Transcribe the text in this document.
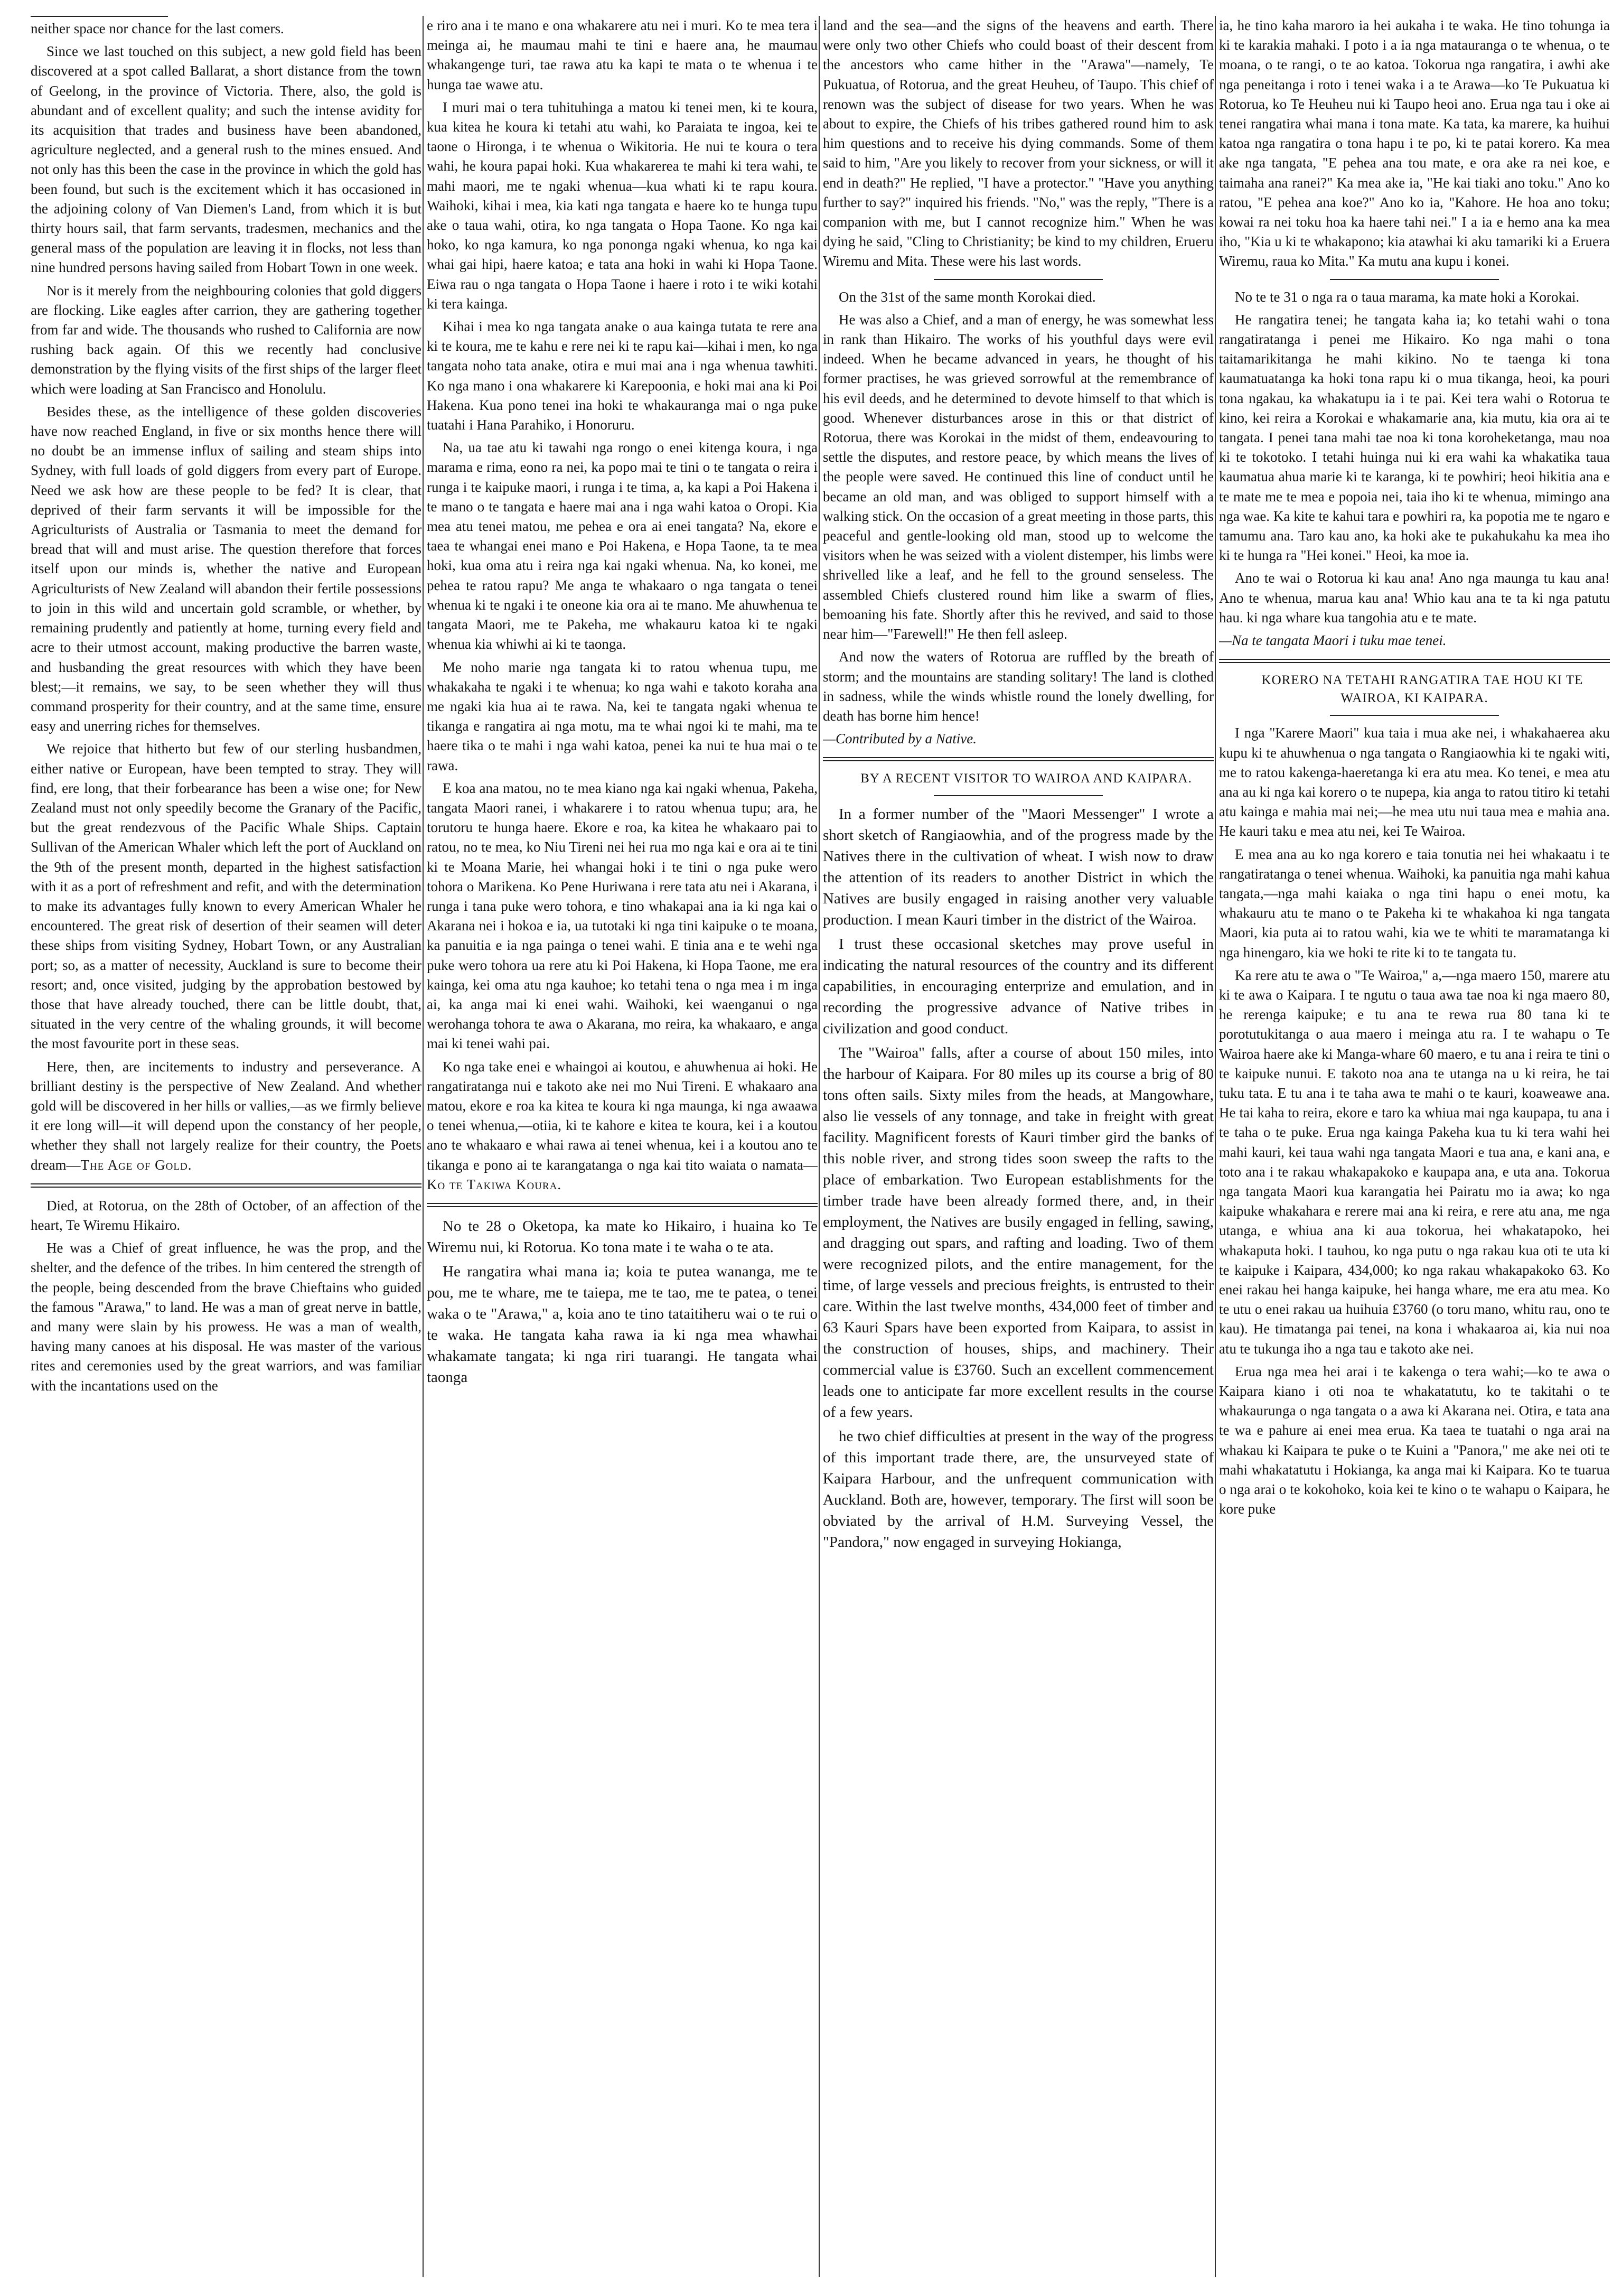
neither space nor chance for the last comers.

Since we last touched on this subject, a new gold field has been discovered at a spot called Ballarat, a short distance from the town of Geelong, in the province of Victoria. There, also, the gold is abundant and of excellent quality; and such the intense avidity for its acquisition that trades and business have been abandoned, agriculture neglected, and a general rush to the mines ensued. And not only has this been the case in the province in which the gold has been found, but such is the excitement which it has occasioned in the adjoining colony of Van Diemen's Land, from which it is but thirty hours sail, that farm servants, tradesmen, mechanics and the general mass of the population are leaving it in flocks, not less than nine hundred persons having sailed from Hobart Town in one week.

Nor is it merely from the neighbouring colonies that gold diggers are flocking. Like eagles after carrion, they are gathering together from far and wide. The thousands who rushed to California are now rushing back again. Of this we recently had conclusive demonstration by the flying visits of the first ships of the larger fleet which were loading at San Francisco and Honolulu.

Besides these, as the intelligence of these golden discoveries have now reached England, in five or six months hence there will no doubt be an immense influx of sailing and steam ships into Sydney, with full loads of gold diggers from every part of Europe. Need we ask how are these people to be fed? It is clear, that deprived of their farm servants it will be impossible for the Agriculturists of Australia or Tasmania to meet the demand for bread that will and must arise. The question therefore that forces itself upon our minds is, whether the native and European Agriculturists of New Zealand will abandon their fertile possessions to join in this wild and uncertain gold scramble, or whether, by remaining prudently and patiently at home, turning every field and acre to their utmost account, making productive the barren waste, and husbanding the great resources with which they have been blest;—it remains, we say, to be seen whether they will thus command prosperity for their country, and at the same time, ensure easy and unerring riches for themselves.

We rejoice that hitherto but few of our sterling husbandmen, either native or European, have been tempted to stray. They will find, ere long, that their forbearance has been a wise one; for New Zealand must not only speedily become the Granary of the Pacific, but the great rendezvous of the Pacific Whale Ships. Captain Sullivan of the American Whaler which left the port of Auckland on the 9th of the present month, departed in the highest satisfaction with it as a port of refreshment and refit, and with the determination to make its advantages fully known to every American Whaler he encountered. The great risk of desertion of their seamen will deter these ships from visiting Sydney, Hobart Town, or any Australian port; so, as a matter of necessity, Auckland is sure to become their resort; and, once visited, judging by the approbation bestowed by those that have already touched, there can be little doubt, that, situated in the very centre of the whaling grounds, it will become the most favourite port in these seas.

Here, then, are incitements to industry and perseverance. A brilliant destiny is the perspective of New Zealand. And whether gold will be discovered in her hills or vallies,—as we firmly believe it ere long will—it will depend upon the constancy of her people, whether they shall not largely realize for their country, the Poets dream—The Age of Gold.

Died, at Rotorua, on the 28th of October, of an affection of the heart, Te Wiremu Hikairo.

He was a Chief of great influence, he was the prop, and the shelter, and the defence of the tribes. In him centered the strength of the people, being descended from the brave Chieftains who guided the famous "Arawa," to land. He was a man of great nerve in battle, and many were slain by his prowess. He was a man of wealth, having many canoes at his disposal. He was master of the various rites and ceremonies used by the great warriors, and was familiar with the incantations used on the

e riro ana i te mano e ona whakarere atu nei i muri. Ko te mea tera i meinga ai, he maumau mahi te tini e haere ana, he maumau whakangenge turi, tae rawa atu ka kapi te mata o te whenua i te hunga tae wawe atu.

I muri mai o tera tuhituhinga a matou ki tenei men, ki te koura, kua kitea he koura ki tetahi atu wahi, ko Paraiata te ingoa, kei te taone o Hironga, i te whenua o Wikitoria. He nui te koura o tera wahi, he koura papai hoki. Kua whakarerea te mahi ki tera wahi, te mahi maori, me te ngaki whenua—kua whati ki te rapu koura. Waihoki, kihai i mea, kia kati nga tangata e haere ko te hunga tupu ake o taua wahi, otira, ko nga tangata o Hopa Taone. Ko nga kai hoko, ko nga kamura, ko nga pononga ngaki whenua, ko nga kai whai gai hipi, haere katoa; e tata ana hoki in wahi ki Hopa Taone. Eiwa rau o nga tangata o Hopa Taone i haere i roto i te wiki kotahi ki tera kainga.

Kihai i mea ko nga tangata anake o aua kainga tutata te rere ana ki te koura, me te kahu e rere nei ki te rapu kai—kihai i men, ko nga tangata noho tata anake, otira e mui mai ana i nga whenua tawhiti. Ko nga mano i ona whakarere ki Karepoonia, e hoki mai ana ki Poi Hakena. Kua pono tenei ina hoki te whakauranga mai o nga puke tuatahi i Hana Parahiko, i Honoruru.

Na, ua tae atu ki tawahi nga rongo o enei kitenga koura, i nga marama e rima, eono ra nei, ka popo mai te tini o te tangata o reira i runga i te kaipuke maori, i runga i te tima, a, ka kapi a Poi Hakena i te mano o te tangata e haere mai ana i nga wahi katoa o Oropi. Kia mea atu tenei matou, me pehea e ora ai enei tangata? Na, ekore e taea te whangai enei mano e Poi Hakena, e Hopa Taone, ta te mea hoki, kua oma atu i reira nga kai ngaki whenua. Na, ko konei, me pehea te ratou rapu? Me anga te whakaaro o nga tangata o tenei whenua ki te ngaki i te oneone kia ora ai te mano. Me ahuwhenua te tangata Maori, me te Pakeha, me whakauru katoa ki te ngaki whenua kia whiwhi ai ki te taonga.

Me noho marie nga tangata ki to ratou whenua tupu, me whakakaha te ngaki i te whenua; ko nga wahi e takoto koraha ana me ngaki kia hua ai te rawa. Na, kei te tangata ngaki whenua te tikanga e rangatira ai nga motu, ma te whai ngoi ki te mahi, ma te haere tika o te mahi i nga wahi katoa, penei ka nui te hua mai o te rawa.

E koa ana matou, no te mea kiano nga kai ngaki whenua, Pakeha, tangata Maori ranei, i whakarere i to ratou whenua tupu; ara, he torutoru te hunga haere. Ekore e roa, ka kitea he whakaaro pai to ratou, no te mea, ko Niu Tireni nei hei rua mo nga kai e ora ai te tini ki te Moana Marie, hei whangai hoki i te tini o nga puke wero tohora o Marikena. Ko Pene Huriwana i rere tata atu nei i Akarana, i runga i tana puke wero tohora, e tino whakapai ana ia ki nga kai o Akarana nei i hokoa e ia, ua tutotaki ki nga tini kaipuke o te moana, ka panuitia e ia nga painga o tenei wahi. E tinia ana e te wehi nga puke wero tohora ua rere atu ki Poi Hakena, ki Hopa Taone, me era kainga, kei oma atu nga kauhoe; ko tetahi tena o nga mea i m inga ai, ka anga mai ki enei wahi. Waihoki, kei waenganui o nga werohanga tohora te awa o Akarana, mo reira, ka whakaaro, e anga mai ki tenei wahi pai.

Ko nga take enei e whaingoi ai koutou, e ahuwhenua ai hoki. He rangatiratanga nui e takoto ake nei mo Nui Tireni. E whakaaro ana matou, ekore e roa ka kitea te koura ki nga maunga, ki nga awaawa o tenei whenua,—otiia, ki te kahore e kitea te koura, kei i a koutou ano te whakaaro e whai rawa ai tenei whenua, kei i a koutou ano te tikanga e pono ai te karangatanga o nga kai tito waiata o namata—Ko te Takiwa Koura.

No te 28 o Oketopa, ka mate ko Hikairo, i huaina ko Te Wiremu nui, ki Rotorua. Ko tona mate i te waha o te ata.

He rangatira whai mana ia; koia te putea wananga, me te pou, me te whare, me te taiepa, me te tao, me te patea, o tenei waka o te "Arawa," a, koia ano te tino tataitiheru wai o te rui o te waka. He tangata kaha rawa ia ki nga mea whawhai whakamate tangata; ki nga riri tuarangi. He tangata whai taonga

land and the sea—and the signs of the heavens and earth. There were only two other Chiefs who could boast of their descent from the ancestors who came hither in the "Arawa"—namely, Te Pukuatua, of Rotorua, and the great Heuheu, of Taupo. This chief of renown was the subject of disease for two years. When he was about to expire, the Chiefs of his tribes gathered round him to ask him questions and to receive his dying commands. Some of them said to him, "Are you likely to recover from your sickness, or will it end in death?" He replied, "I have a protector." "Have you anything further to say?" inquired his friends. "No," was the reply, "There is a companion with me, but I cannot recognize him." When he was dying he said, "Cling to Christianity; be kind to my children, Erueru Wiremu and Mita. These were his last words.

On the 31st of the same month Korokai died.

He was also a Chief, and a man of energy, he was somewhat less in rank than Hikairo. The works of his youthful days were evil indeed. When he became advanced in years, he thought of his former practises, he was grieved sorrowful at the remembrance of his evil deeds, and he determined to devote himself to that which is good. Whenever disturbances arose in this or that district of Rotorua, there was Korokai in the midst of them, endeavouring to settle the disputes, and restore peace, by which means the lives of the people were saved. He continued this line of conduct until he became an old man, and was obliged to support himself with a walking stick. On the occasion of a great meeting in those parts, this peaceful and gentle-looking old man, stood up to welcome the visitors when he was seized with a violent distemper, his limbs were shrivelled like a leaf, and he fell to the ground senseless. The assembled Chiefs clustered round him like a swarm of flies, bemoaning his fate. Shortly after this he revived, and said to those near him—"Farewell!" He then fell asleep.

And now the waters of Rotorua are ruffled by the breath of storm; and the mountains are standing solitary! The land is clothed in sadness, while the winds whistle round the lonely dwelling, for death has borne him hence!

—Contributed by a Native.

BY A RECENT VISITOR TO WAIROA AND KAIPARA.

In a former number of the "Maori Messenger" I wrote a short sketch of Rangiaowhia, and of the progress made by the Natives there in the cultivation of wheat. I wish now to draw the attention of its readers to another District in which the Natives are busily engaged in raising another very valuable production. I mean Kauri timber in the district of the Wairoa.

I trust these occasional sketches may prove useful in indicating the natural resources of the country and its different capabilities, in encouraging enterprize and emulation, and in recording the progressive advance of Native tribes in civilization and good conduct.

The "Wairoa" falls, after a course of about 150 miles, into the harbour of Kaipara. For 80 miles up its course a brig of 80 tons often sails. Sixty miles from the heads, at Mangowhare, also lie vessels of any tonnage, and take in freight with great facility. Magnificent forests of Kauri timber gird the banks of this noble river, and strong tides soon sweep the rafts to the place of embarkation. Two European establishments for the timber trade have been already formed there, and, in their employment, the Natives are busily engaged in felling, sawing, and dragging out spars, and rafting and loading. Two of them were recognized pilots, and the entire management, for the time, of large vessels and precious freights, is entrusted to their care. Within the last twelve months, 434,000 feet of timber and 63 Kauri Spars have been exported from Kaipara, to assist in the construction of houses, ships, and machinery. Their commercial value is £3760. Such an excellent commencement leads one to anticipate far more excellent results in the course of a few years.

he two chief difficulties at present in the way of the progress of this important trade there, are, the unsurveyed state of Kaipara Harbour, and the unfrequent communication with Auckland. Both are, however, temporary. The first will soon be obviated by the arrival of H.M. Surveying Vessel, the "Pandora," now engaged in surveying Hokianga,

ia, he tino kaha maroro ia hei aukaha i te waka. He tino tohunga ia ki te karakia mahaki. I poto i a ia nga matauranga o te whenua, o te moana, o te rangi, o te ao katoa. Tokorua nga rangatira, i awhi ake nga peneitanga i roto i tenei waka i a te Arawa—ko Te Pukuatua ki Rotorua, ko Te Heuheu nui ki Taupo heoi ano. Erua nga tau i oke ai tenei rangatira whai mana i tona mate. Ka tata, ka marere, ka huihui katoa nga rangatira o tona hapu i te po, ki te patai korero. Ka mea ake nga tangata, "E pehea ana tou mate, e ora ake ra nei koe, e taimaha ana ranei?" Ka mea ake ia, "He kai tiaki ano toku." Ano ko ratou, "E pehea ana koe?" Ano ko ia, "Kahore. He hoa ano toku; kowai ra nei toku hoa ka haere tahi nei." I a ia e hemo ana ka mea iho, "Kia u ki te whakapono; kia atawhai ki aku tamariki ki a Eruera Wiremu, raua ko Mita." Ka mutu ana kupu i konei.

No te te 31 o nga ra o taua marama, ka mate hoki a Korokai.

He rangatira tenei; he tangata kaha ia; ko tetahi wahi o tona rangatiratanga i penei me Hikairo. Ko nga mahi o tona taitamarikitanga he mahi kikino. No te taenga ki tona kaumatuatanga ka hoki tona rapu ki o mua tikanga, heoi, ka pouri tona ngakau, ka whakatupu ia i te pai. Kei tera wahi o Rotorua te kino, kei reira a Korokai e whakamarie ana, kia mutu, kia ora ai te tangata. I penei tana mahi tae noa ki tona koroheketanga, mau noa ki te tokotoko. I tetahi huinga nui ki era wahi ka whakatika taua kaumatua ahua marie ki te karanga, ki te powhiri; heoi hikitia ana e te mate me te mea e popoia nei, taia iho ki te whenua, mimingo ana nga wae. Ka kite te kahui tara e powhiri ra, ka popotia me te ngaro e tamumu ana. Taro kau ano, ka hoki ake te pukahukahu ka mea iho ki te hunga ra "Hei konei." Heoi, ka moe ia.

Ano te wai o Rotorua ki kau ana! Ano nga maunga tu kau ana! Ano te whenua, marua kau ana! Whio kau ana te ta ki nga patutu hau. ki nga whare kua tangohia atu e te mate.

—Na te tangata Maori i tuku mae tenei.

KORERO NA TETAHI RANGATIRA TAE HOU KI TE WAIROA, KI KAIPARA.

I nga "Karere Maori" kua taia i mua ake nei, i whakahaerea aku kupu ki te ahuwhenua o nga tangata o Rangiaowhia ki te ngaki witi, me to ratou kakenga-haeretanga ki era atu mea. Ko tenei, e mea atu ana au ki nga kai korero o te nupepa, kia anga to ratou titiro ki tetahi atu kainga e mahia mai nei;—he mea utu nui taua mea e mahia ana. He kauri taku e mea atu nei, kei Te Wairoa.

E mea ana au ko nga korero e taia tonutia nei hei whakaatu i te rangatiratanga o tenei whenua. Waihoki, ka panuitia nga mahi kahua tangata,—nga mahi kaiaka o nga tini hapu o enei motu, ka whakauru atu te mano o te Pakeha ki te whakahoa ki nga tangata Maori, kia puta ai to ratou wahi, kia we te whiti te maramatanga ki nga hinengaro, kia we hoki te rite ki to te tangata tu.

Ka rere atu te awa o "Te Wairoa," a,—nga maero 150, marere atu ki te awa o Kaipara. I te ngutu o taua awa tae noa ki nga maero 80, he rerenga kaipuke; e tu ana te rewa rua 80 tana ki te porotutukitanga o aua maero i meinga atu ra. I te wahapu o Te Wairoa haere ake ki Manga-whare 60 maero, e tu ana i reira te tini o te kaipuke nunui. E takoto noa ana te utanga na u ki reira, he tai tuku tata. E tu ana i te taha awa te mahi o te kauri, koaweawe ana. He tai kaha to reira, ekore e taro ka whiua mai nga kaupapa, tu ana i te taha o te puke. Erua nga kainga Pakeha kua tu ki tera wahi hei mahi kauri, kei taua wahi nga tangata Maori e tua ana, e kani ana, e toto ana i te rakau whakapakoko e kaupapa ana, e uta ana. Tokorua nga tangata Maori kua karangatia hei Pairatu mo ia awa; ko nga kaipuke whakahara e rerere mai ana ki reira, e rere atu ana, me nga utanga, e whiua ana ki aua tokorua, hei whakatapoko, hei whakaputa hoki. I tauhou, ko nga putu o nga rakau kua oti te uta ki te kaipuke i Kaipara, 434,000; ko nga rakau whakapakoko 63. Ko enei rakau hei hanga kaipuke, hei hanga whare, me era atu mea. Ko te utu o enei rakau ua huihuia £3760 (o toru mano, whitu rau, ono te kau). He timatanga pai tenei, na kona i whakaaroa ai, kia nui noa atu te tukunga iho a nga tau e takoto ake nei.

Erua nga mea hei arai i te kakenga o tera wahi;—ko te awa o Kaipara kiano i oti noa te whakatatutu, ko te takitahi o te whakaurunga o nga tangata o a awa ki Akarana nei. Otira, e tata ana te wa e pahure ai enei mea erua. Ka taea te tuatahi o nga arai na whakau ki Kaipara te puke o te Kuini a "Panora," me ake nei oti te mahi whakatatutu i Hokianga, ka anga mai ki Kaipara. Ko te tuarua o nga arai o te kokohoko, koia kei te kino o te wahapu o Kaipara, he kore puke
